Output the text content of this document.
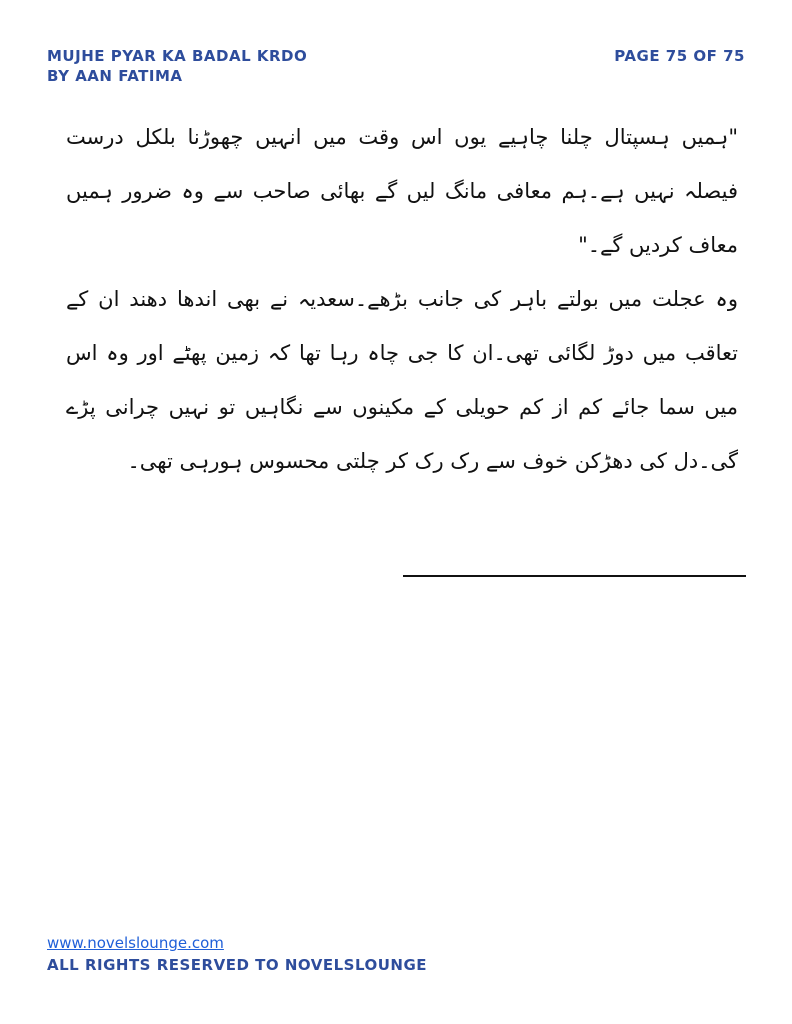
MUJHE PYAR KA BADAL KRDO
BY AAN FATIMA
PAGE 75 OF 75

"ہمیں ہسپتال چلنا چاہیے یوں اس وقت میں انہیں چھوڑنا بلکل درست فیصلہ نہیں ہے۔ہم معافی مانگ لیں گے بھائی صاحب سے وہ ضرور ہمیں معاف کردیں گے۔"

وہ عجلت میں بولتے باہر کی جانب بڑھے۔سعدیہ نے بھی اندھا دھند ان کے تعاقب میں دوڑ لگائی تھی۔ان کا جی چاہ رہا تھا کہ زمین پھٹے اور وہ اس میں سما جائے کم از کم حویلی کے مکینوں سے نگاہیں تو نہیں چرانی پڑے گی۔دل کی دھڑکن خوف سے رک رک کر چلتی محسوس ہورہی تھی۔

www.novelslounge.com
ALL RIGHTS RESERVED TO NOVELSLOUNGE
